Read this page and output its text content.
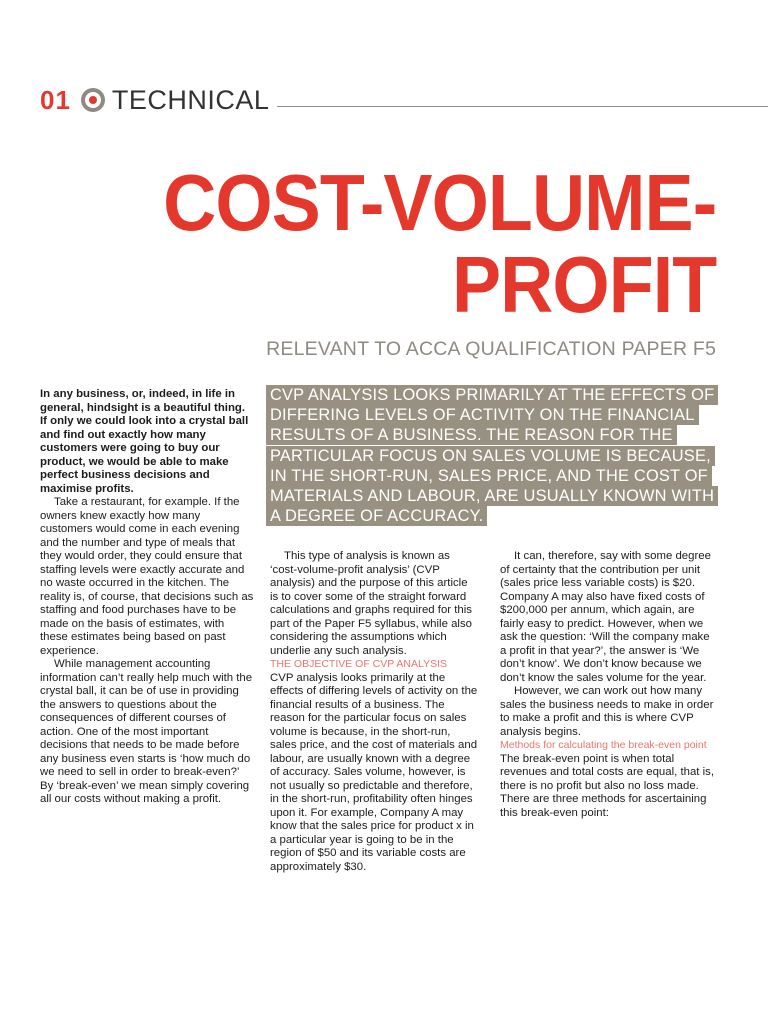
01 TECHNICAL
COST-VOLUME-
PROFIT
RELEVANT TO ACCA QUALIFICATION PAPER F5
CVP ANALYSIS LOOKS PRIMARILY AT THE EFFECTS OF DIFFERING LEVELS OF ACTIVITY ON THE FINANCIAL RESULTS OF A BUSINESS. THE REASON FOR THE PARTICULAR FOCUS ON SALES VOLUME IS BECAUSE, IN THE SHORT-RUN, SALES PRICE, AND THE COST OF MATERIALS AND LABOUR, ARE USUALLY KNOWN WITH A DEGREE OF ACCURACY.

In any business, or, indeed, in life in general, hindsight is a beautiful thing. If only we could look into a crystal ball and find out exactly how many customers were going to buy our product, we would be able to make perfect business decisions and maximise profits.

Take a restaurant, for example. If the owners knew exactly how many customers would come in each evening and the number and type of meals that they would order, they could ensure that staffing levels were exactly accurate and no waste occurred in the kitchen. The reality is, of course, that decisions such as staffing and food purchases have to be made on the basis of estimates, with these estimates being based on past experience.

While management accounting information can’t really help much with the crystal ball, it can be of use in providing the answers to questions about the consequences of different courses of action. One of the most important decisions that needs to be made before any business even starts is ‘how much do we need to sell in order to break-even?’ By ‘break-even’ we mean simply covering all our costs without making a profit.

This type of analysis is known as ‘cost-volume-profit analysis’ (CVP analysis) and the purpose of this article is to cover some of the straight forward calculations and graphs required for this part of the Paper F5 syllabus, while also considering the assumptions which underlie any such analysis.

THE OBJECTIVE OF CVP ANALYSIS

CVP analysis looks primarily at the effects of differing levels of activity on the financial results of a business. The reason for the particular focus on sales volume is because, in the short-run, sales price, and the cost of materials and labour, are usually known with a degree of accuracy. Sales volume, however, is not usually so predictable and therefore, in the short-run, profitability often hinges upon it. For example, Company A may know that the sales price for product x in a particular year is going to be in the region of $50 and its variable costs are approximately $30.

It can, therefore, say with some degree of certainty that the contribution per unit (sales price less variable costs) is $20. Company A may also have fixed costs of $200,000 per annum, which again, are fairly easy to predict. However, when we ask the question: ‘Will the company make a profit in that year?’, the answer is ‘We don’t know’. We don’t know because we don’t know the sales volume for the year.

However, we can work out how many sales the business needs to make in order to make a profit and this is where CVP analysis begins.

Methods for calculating the break-even point

The break-even point is when total revenues and total costs are equal, that is, there is no profit but also no loss made. There are three methods for ascertaining this break-even point:
